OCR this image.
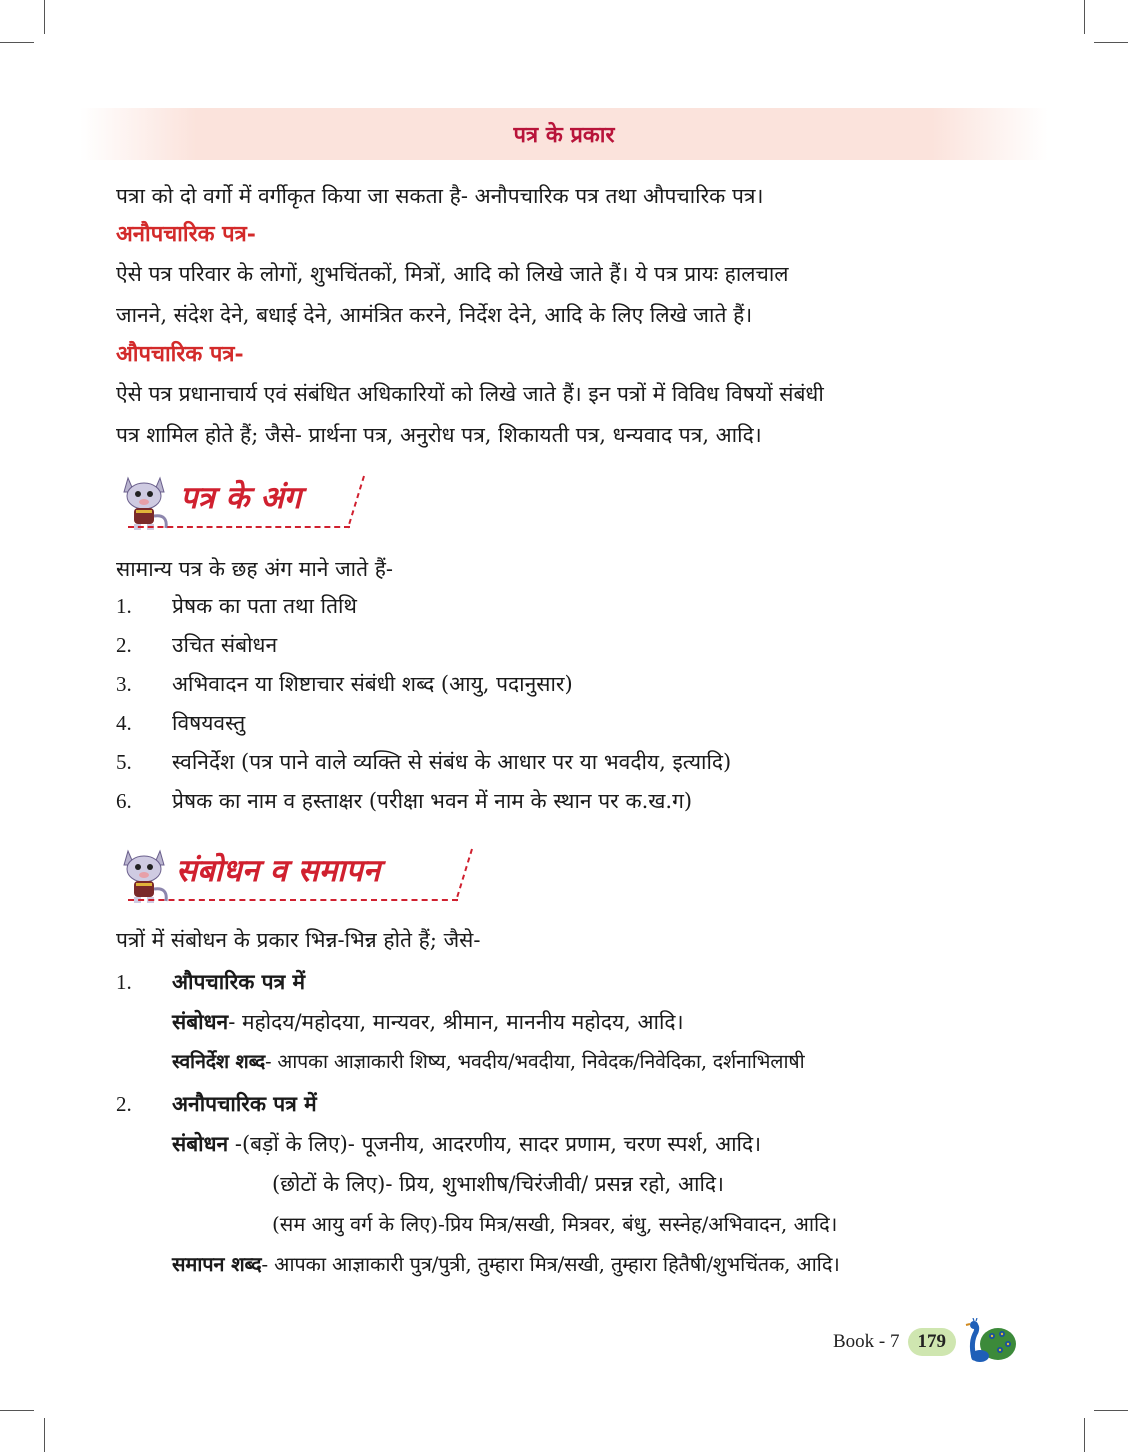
पत्र के प्रकार

पत्रा को दो वर्गो में वर्गीकृत किया जा सकता है- अनौपचारिक पत्र तथा औपचारिक पत्र।

अनौपचारिक पत्र-

ऐसे पत्र परिवार के लोगों, शुभचिंतकों, मित्रों, आदि को लिखे जाते हैं। ये पत्र प्रायः हालचाल

जानने, संदेश देने, बधाई देने, आमंत्रित करने, निर्देश देने, आदि के लिए लिखे जाते हैं।

औपचारिक पत्र-

ऐसे पत्र प्रधानाचार्य एवं संबंधित अधिकारियों को लिखे जाते हैं। इन पत्रों में विविध विषयों संबंधी

पत्र शामिल होते हैं; जैसे- प्रार्थना पत्र, अनुरोध पत्र, शिकायती पत्र, धन्यवाद पत्र, आदि।

पत्र के अंग

सामान्य पत्र के छह अंग माने जाते हैं-

1.	प्रेषक का पता तथा तिथि
2.	उचित संबोधन
3.	अभिवादन या शिष्टाचार संबंधी शब्द (आयु, पदानुसार)
4.	विषयवस्तु
5.	स्वनिर्देश (पत्र पाने वाले व्यक्ति से संबंध के आधार पर या भवदीय, इत्यादि)
6.	प्रेषक का नाम व हस्ताक्षर (परीक्षा भवन में नाम के स्थान पर क.ख.ग)
संबोधन व समापन

पत्रों में संबोधन के प्रकार भिन्न-भिन्न होते हैं; जैसे-

1. औपचारिक पत्र में

संबोधन- महोदय/महोदया, मान्यवर, श्रीमान, माननीय महोदय, आदि।

स्वनिर्देश शब्द- आपका आज्ञाकारी शिष्य, भवदीय/भवदीया, निवेदक/निवेदिका, दर्शनाभिलाषी

2. अनौपचारिक पत्र में

संबोधन -(बड़ों के लिए)- पूजनीय, आदरणीय, सादर प्रणाम, चरण स्पर्श, आदि।

(छोटों के लिए)- प्रिय, शुभाशीष/चिरंजीवी/ प्रसन्न रहो, आदि।

(सम आयु वर्ग के लिए)-प्रिय मित्र/सखी, मित्रवर, बंधु, सस्नेह/अभिवादन, आदि।

समापन शब्द- आपका आज्ञाकारी पुत्र/पुत्री, तुम्हारा मित्र/सखी, तुम्हारा हितैषी/शुभचिंतक, आदि।

Book - 7 179
